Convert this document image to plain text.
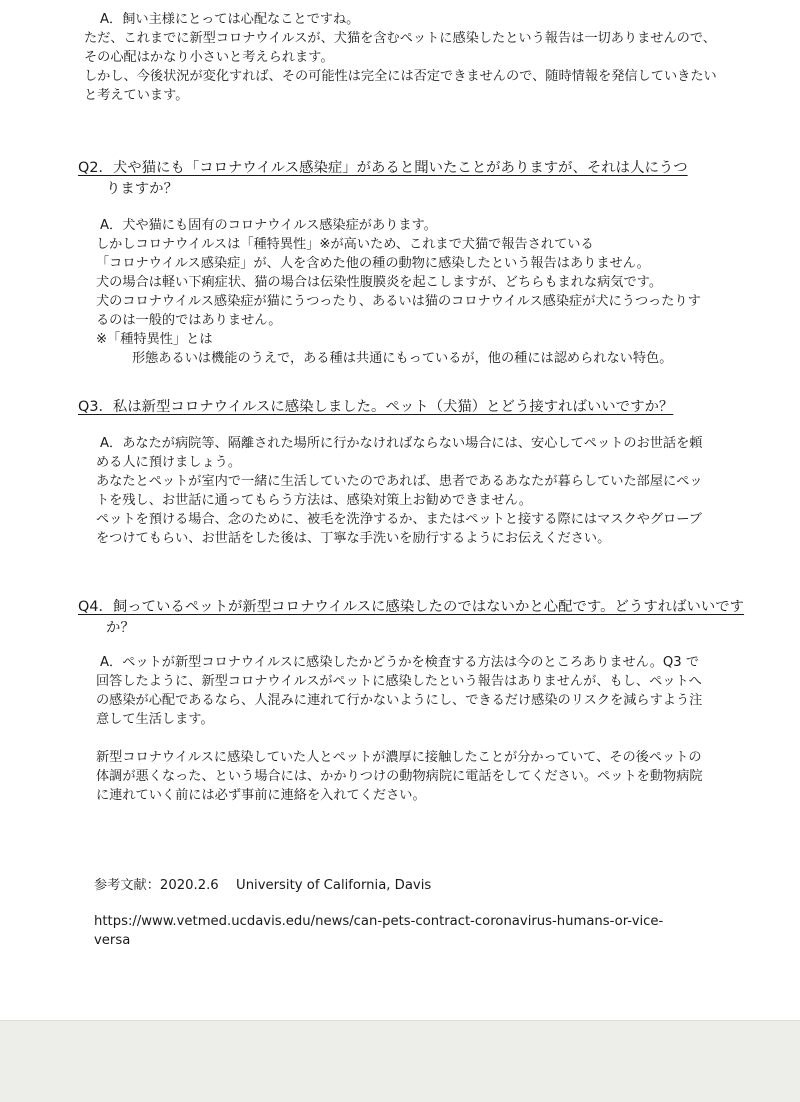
A．飼い主様にとっては心配なことですね。

ただ、これまでに新型コロナウイルスが、犬猫を含むペットに感染したという報告は一切ありませんので、その心配はかなり小さいと考えられます。

しかし、今後状況が変化すれば、その可能性は完全には否定できませんので、随時情報を発信していきたいと考えています。

Q2．犬や猫にも「コロナウイルス感染症」があると聞いたことがありますが、それは人にうつ
りますか？

A．犬や猫にも固有のコロナウイルス感染症があります。

しかしコロナウイルスは「種特異性」※が高いため、これまで犬猫で報告されている

「コロナウイルス感染症」が、人を含めた他の種の動物に感染したという報告はありません。

犬の場合は軽い下痢症状、猫の場合は伝染性腹膜炎を起こしますが、どちらもまれな病気です。

犬のコロナウイルス感染症が猫にうつったり、あるいは猫のコロナウイルス感染症が犬にうつったりす

るのは一般的ではありません。

※「種特異性」とは

形態あるいは機能のうえで，ある種は共通にもっているが，他の種には認められない特色。

Q3．私は新型コロナウイルスに感染しました。ペット（犬猫）とどう接すればいいですか？

A．あなたが病院等、隔離された場所に行かなければならない場合には、安心してペットのお世話を頼

める人に預けましょう。

あなたとペットが室内で一緒に生活していたのであれば、患者であるあなたが暮らしていた部屋にペッ

トを残し、お世話に通ってもらう方法は、感染対策上お勧めできません。

ペットを預ける場合、念のために、被毛を洗浄するか、またはペットと接する際にはマスクやグローブ

をつけてもらい、お世話をした後は、丁寧な手洗いを励行するようにお伝えください。

Q4．飼っているペットが新型コロナウイルスに感染したのではないかと心配です。どうすればいいです
か？

A．ペットが新型コロナウイルスに感染したかどうかを検査する方法は今のところありません。Q3 で

回答したように、新型コロナウイルスがペットに感染したという報告はありませんが、もし、ペットへ

の感染が心配であるなら、人混みに連れて行かないようにし、できるだけ感染のリスクを減らすよう注

意して生活します。

新型コロナウイルスに感染していた人とペットが濃厚に接触したことが分かっていて、その後ペットの

体調が悪くなった、という場合には、かかりつけの動物病院に電話をしてください。ペットを動物病院

に連れていく前には必ず事前に連絡を入れてください。

参考文献：2020.2.6　 University of California, Davis

https://www.vetmed.ucdavis.edu/news/can-pets-contract-coronavirus-humans-or-vice-

versa
